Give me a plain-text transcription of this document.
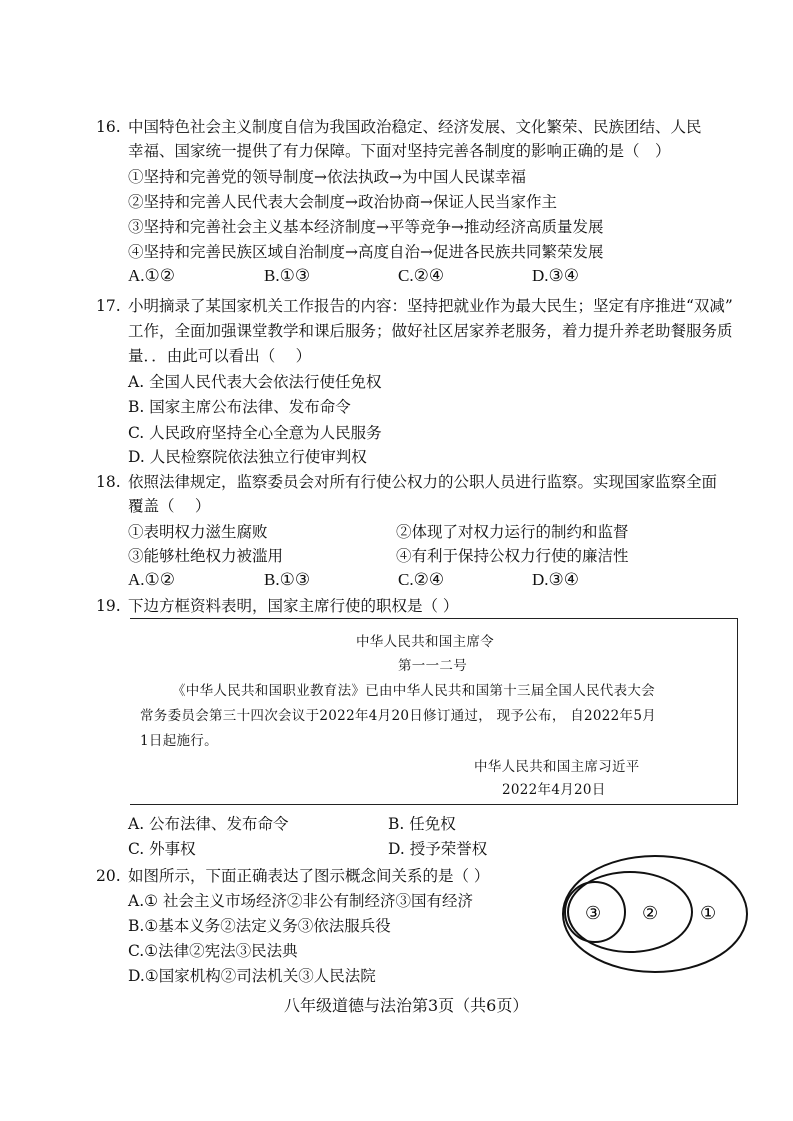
16. 中国特色社会主义制度自信为我国政治稳定、经济发展、文化繁荣、民族团结、人民
幸福、国家统一提供了有力保障。下面对坚持完善各制度的影响正确的是（　）
①坚持和完善党的领导制度→依法执政→为中国人民谋幸福
②坚持和完善人民代表大会制度→政治协商→保证人民当家作主
③坚持和完善社会主义基本经济制度→平等竞争→推动经济高质量发展
④坚持和完善民族区域自治制度→高度自治→促进各民族共同繁荣发展
A.①②	B.①③	C.②④	D.③④
17. 小明摘录了某国家机关工作报告的内容：坚持把就业作为最大民生；坚定有序推进“双减”
工作，全面加强课堂教学和课后服务；做好社区居家养老服务，着力提升养老助餐服务质
量．．由此可以看出（　 ）
A. 全国人民代表大会依法行使任免权
B. 国家主席公布法律、发布命令
C. 人民政府坚持全心全意为人民服务
D. 人民检察院依法独立行使审判权
18. 依照法律规定，监察委员会对所有行使公权力的公职人员进行监察。实现国家监察全面
覆盖（　 ）
①表明权力滋生腐败	②体现了对权力运行的制约和监督
③能够杜绝权力被滥用	④有利于保持公权力行使的廉洁性
A.①②	B.①③	C.②④	D.③④
19. 下边方框资料表明，国家主席行使的职权是（ ）
中华人民共和国主席令
第一一二号
《中华人民共和国职业教育法》已由中华人民共和国第十三届全国人民代表大会
常务委员会第三十四次会议于2022年4月20日修订通过， 现予公布， 自2022年5月
1日起施行。
中华人民共和国主席习近平
2022年4月20日
A. 公布法律、发布命令	B. 任免权
C. 外事权	D. 授予荣誉权
20. 如图所示，下面正确表达了图示概念间关系的是（ ）
A.① 社会主义市场经济②非公有制经济③国有经济
B.①基本义务②法定义务③依法服兵役
C.①法律②宪法③民法典
D.①国家机构②司法机关③人民法院
①
②
③
八年级道德与法治第3页（共6页）
